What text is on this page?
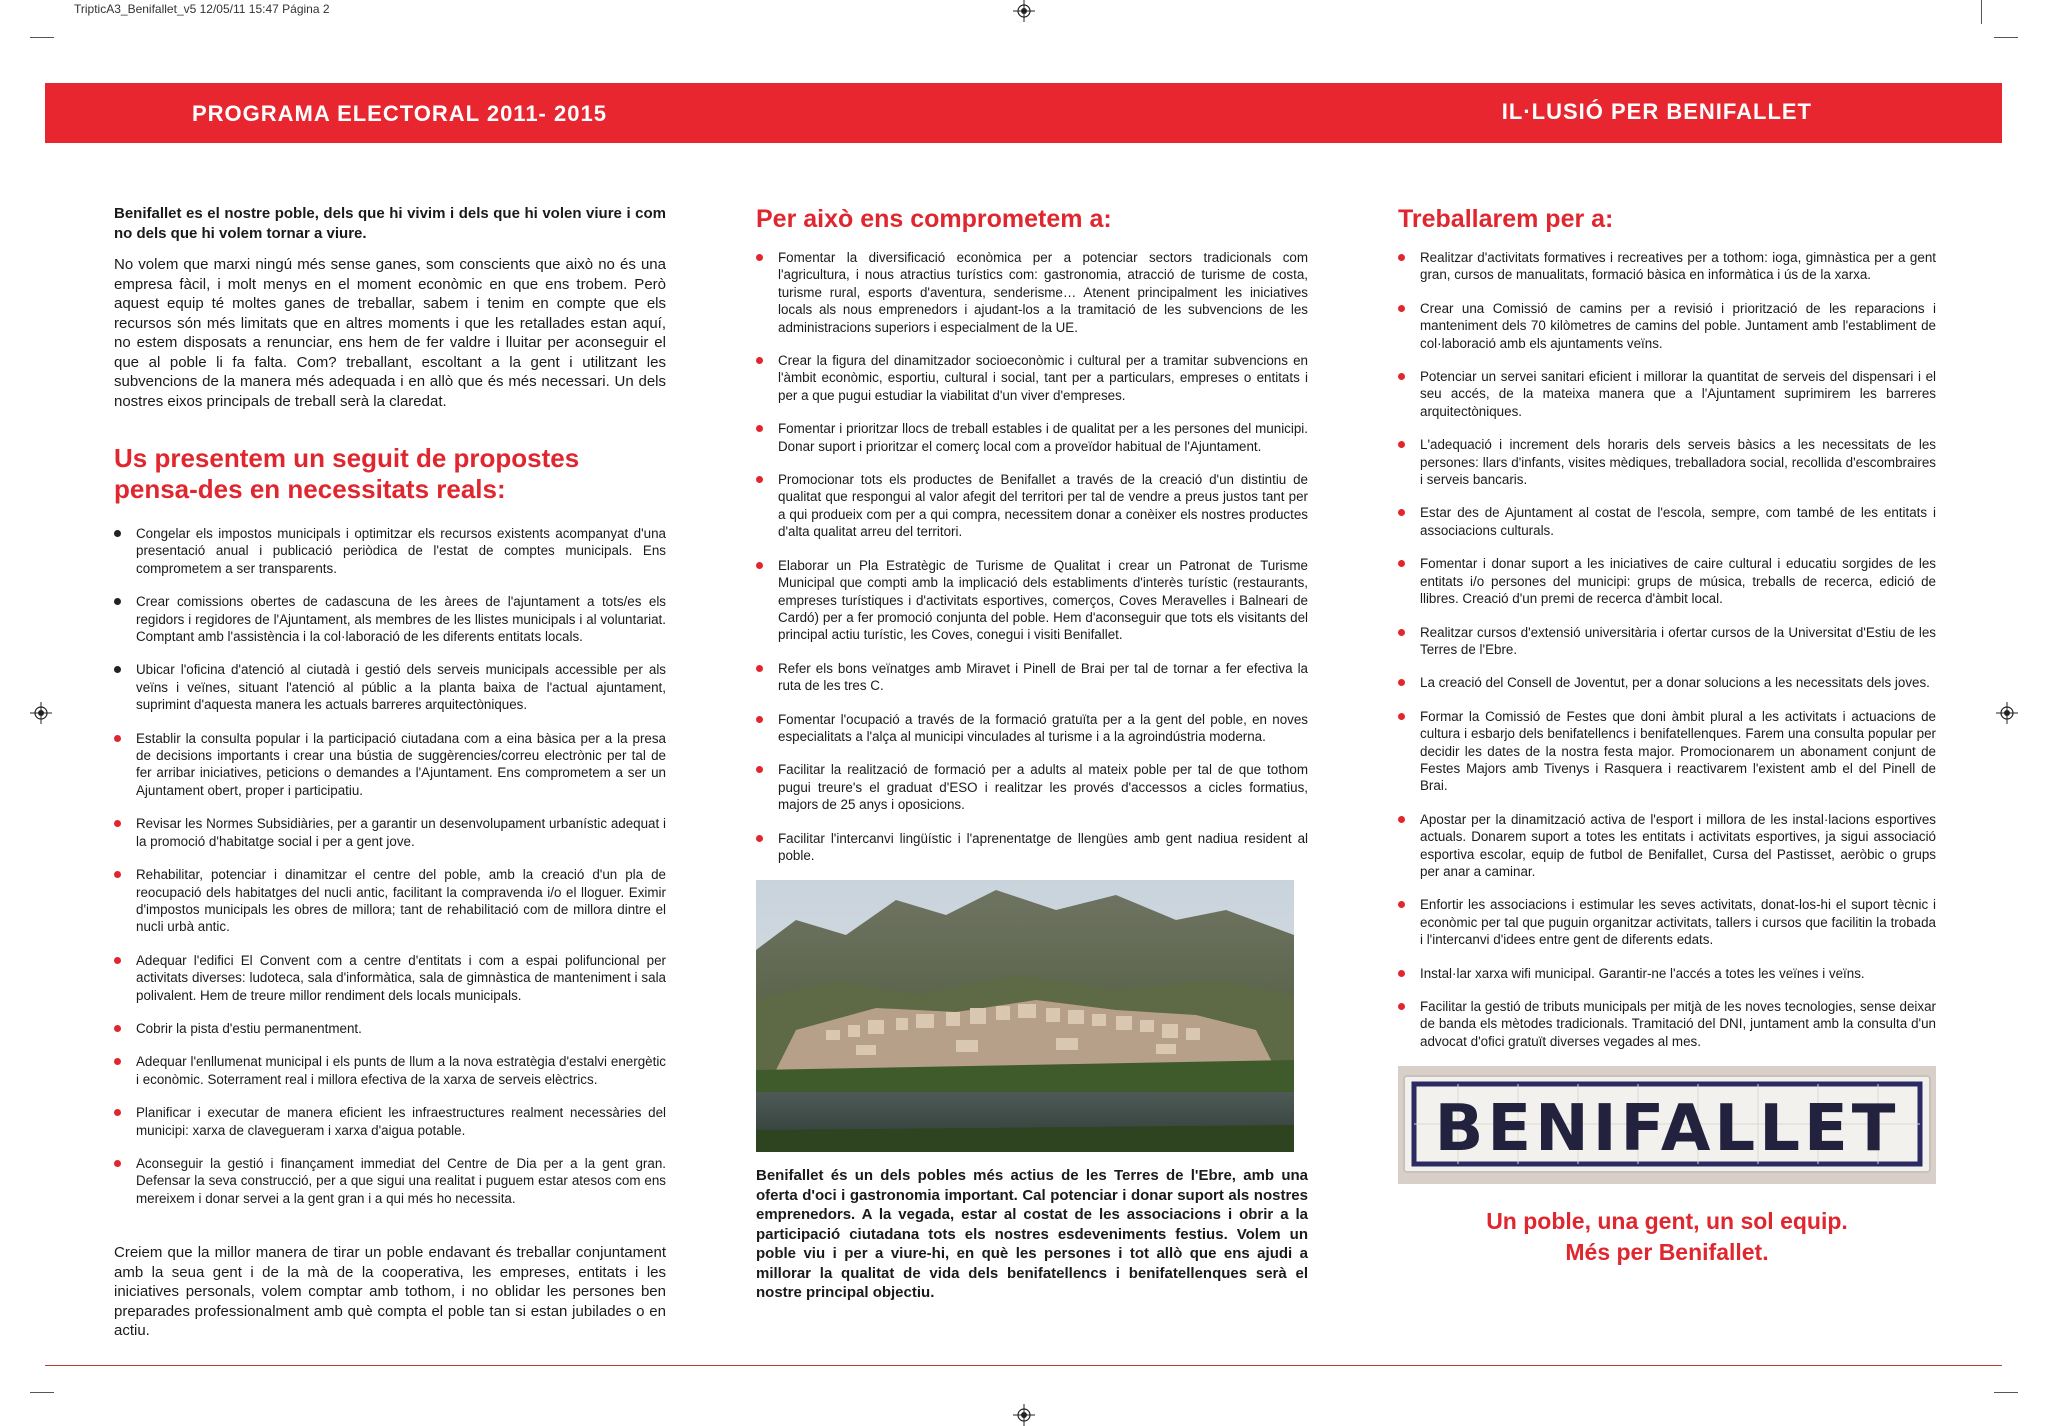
TripticA3_Benifallet_v5 12/05/11 15:47 Página 2
PROGRAMA ELECTORAL 2011- 2015	IL·LUSIÓ PER BENIFALLET

Benifallet es el nostre poble, dels que hi vivim i dels que hi volen viure i com no dels que hi volem tornar a viure.

No volem que marxi ningú més sense ganes, som conscients que això no és una empresa fàcil, i molt menys en el moment econòmic en que ens trobem. Però aquest equip té moltes ganes de treballar, sabem i tenim en compte que els recursos són més limitats que en altres moments i que les retallades estan aquí, no estem disposats a renunciar, ens hem de fer valdre i lluitar per aconseguir el que al poble li fa falta. Com? treballant, escoltant a la gent i utilitzant les subvencions de la manera més adequada i en allò que és més necessari. Un dels nostres eixos principals de treball serà la claredat.

Us presentem un seguit de propostes pensa-des en necessitats reals:
Congelar els impostos municipals i optimitzar els recursos existents acompanyat d'una presentació anual i publicació periòdica de l'estat de comptes municipals. Ens comprometem a ser transparents.
Crear comissions obertes de cadascuna de les àrees de l'ajuntament a tots/es els regidors i regidores de l'Ajuntament, als membres de les llistes municipals i al voluntariat. Comptant amb l'assistència i la col·laboració de les diferents entitats locals.
Ubicar l'oficina d'atenció al ciutadà i gestió dels serveis municipals accessible per als veïns i veïnes, situant l'atenció al públic a la planta baixa de l'actual ajuntament, suprimint d'aquesta manera les actuals barreres arquitectòniques.
Establir la consulta popular i la participació ciutadana com a eina bàsica per a la presa de decisions importants i crear una bústia de suggèrencies/correu electrònic per tal de fer arribar iniciatives, peticions o demandes a l'Ajuntament. Ens comprometem a ser un Ajuntament obert, proper i participatiu.
Revisar les Normes Subsidiàries, per a garantir un desenvolupament urbanístic adequat i la promoció d'habitatge social i per a gent jove.
Rehabilitar, potenciar i dinamitzar el centre del poble, amb la creació d'un pla de reocupació dels habitatges del nucli antic, facilitant la compravenda i/o el lloguer. Eximir d'impostos municipals les obres de millora; tant de rehabilitació com de millora dintre el nucli urbà antic.
Adequar l'edifici El Convent com a centre d'entitats i com a espai polifuncional per activitats diverses: ludoteca, sala d'informàtica, sala de gimnàstica de manteniment i sala polivalent. Hem de treure millor rendiment dels locals municipals.
Cobrir la pista d'estiu permanentment.
Adequar l'enllumenat municipal i els punts de llum a la nova estratègia d'estalvi energètic i econòmic. Soterrament real i millora efectiva de la xarxa de serveis elèctrics.
Planificar i executar de manera eficient les infraestructures realment necessàries del municipi: xarxa de clavegueram i xarxa d'aigua potable.
Aconseguir la gestió i finançament immediat del Centre de Dia per a la gent gran. Defensar la seva construcció, per a que sigui una realitat i puguem estar atesos com ens mereixem i donar servei a la gent gran i a qui més ho necessita.

Creiem que la millor manera de tirar un poble endavant és treballar conjuntament amb la seua gent i de la mà de la cooperativa, les empreses, entitats i les iniciatives personals, volem comptar amb tothom, i no oblidar les persones ben preparades professionalment amb què compta el poble tan si estan jubilades o en actiu.

Per això ens comprometem a:
Fomentar la diversificació econòmica per a potenciar sectors tradicionals com l'agricultura, i nous atractius turístics com: gastronomia, atracció de turisme de costa, turisme rural, esports d'aventura, senderisme… Atenent principalment les iniciatives locals als nous emprenedors i ajudant-los a la tramitació de les subvencions de les administracions superiors i especialment de la UE.
Crear la figura del dinamitzador socioeconòmic i cultural per a tramitar subvencions en l'àmbit econòmic, esportiu, cultural i social, tant per a particulars, empreses o entitats i per a que pugui estudiar la viabilitat d'un viver d'empreses.
Fomentar i prioritzar llocs de treball estables i de qualitat per a les persones del municipi. Donar suport i prioritzar el comerç local com a proveïdor habitual de l'Ajuntament.
Promocionar tots els productes de Benifallet a través de la creació d'un distintiu de qualitat que respongui al valor afegit del territori per tal de vendre a preus justos tant per a qui produeix com per a qui compra, necessitem donar a conèixer els nostres productes d'alta qualitat arreu del territori.
Elaborar un Pla Estratègic de Turisme de Qualitat i crear un Patronat de Turisme Municipal que compti amb la implicació dels establiments d'interès turístic (restaurants, empreses turístiques i d'activitats esportives, comerços, Coves Meravelles i Balneari de Cardó) per a fer promoció conjunta del poble. Hem d'aconseguir que tots els visitants del principal actiu turístic, les Coves, conegui i visiti Benifallet.
Refer els bons veïnatges amb Miravet i Pinell de Brai per tal de tornar a fer efectiva la ruta de les tres C.
Fomentar l'ocupació a través de la formació gratuïta per a la gent del poble, en noves especialitats a l'alça al municipi vinculades al turisme i a la agroindústria moderna.
Facilitar la realització de formació per a adults al mateix poble per tal de que tothom pugui treure's el graduat d'ESO i realitzar les provés d'accessos a cicles formatius, majors de 25 anys i oposicions.
Facilitar l'intercanvi lingüístic i l'aprenentatge de llengües amb gent nadiua resident al poble.

Benifallet és un dels pobles més actius de les Terres de l'Ebre, amb una oferta d'oci i gastronomia important. Cal potenciar i donar suport als nostres emprenedors. A la vegada, estar al costat de les associacions i obrir a la participació ciutadana tots els nostres esdeveniments festius. Volem un poble viu i per a viure-hi, en què les persones i tot allò que ens ajudi a millorar la qualitat de vida dels benifatellencs i benifatellenques serà el nostre principal objectiu.

Treballarem per a:
Realitzar d'activitats formatives i recreatives per a tothom: ioga, gimnàstica per a gent gran, cursos de manualitats, formació bàsica en informàtica i ús de la xarxa.
Crear una Comissió de camins per a revisió i priorització de les reparacions i manteniment dels 70 kilòmetres de camins del poble. Juntament amb l'establiment de col·laboració amb els ajuntaments veïns.
Potenciar un servei sanitari eficient i millorar la quantitat de serveis del dispensari i el seu accés, de la mateixa manera que a l'Ajuntament suprimirem les barreres arquitectòniques.
L'adequació i increment dels horaris dels serveis bàsics a les necessitats de les persones: llars d'infants, visites mèdiques, treballadora social, recollida d'escombraires i serveis bancaris.
Estar des de Ajuntament al costat de l'escola, sempre, com també de les entitats i associacions culturals.
Fomentar i donar suport a les iniciatives de caire cultural i educatiu sorgides de les entitats i/o persones del municipi: grups de música, treballs de recerca, edició de llibres. Creació d'un premi de recerca d'àmbit local.
Realitzar cursos d'extensió universitària i ofertar cursos de la Universitat d'Estiu de les Terres de l'Ebre.
La creació del Consell de Joventut, per a donar solucions a les necessitats dels joves.
Formar la Comissió de Festes que doni àmbit plural a les activitats i actuacions de cultura i esbarjo dels benifatellencs i benifatellenques. Farem una consulta popular per decidir les dates de la nostra festa major. Promocionarem un abonament conjunt de Festes Majors amb Tivenys i Rasquera i reactivarem l'existent amb el del Pinell de Brai.
Apostar per la dinamització activa de l'esport i millora de les instal·lacions esportives actuals. Donarem suport a totes les entitats i activitats esportives, ja sigui associació esportiva escolar, equip de futbol de Benifallet, Cursa del Pastisset, aeròbic o grups per anar a caminar.
Enfortir les associacions i estimular les seves activitats, donat-los-hi el suport tècnic i econòmic per tal que puguin organitzar activitats, tallers i cursos que facilitin la trobada i l'intercanvi d'idees entre gent de diferents edats.
Instal·lar xarxa wifi municipal. Garantir-ne l'accés a totes les veïnes i veïns.
Facilitar la gestió de tributs municipals per mitjà de les noves tecnologies, sense deixar de banda els mètodes tradicionals. Tramitació del DNI, juntament amb la consulta d'un advocat d'ofici gratuït diverses vegades al mes.
BENIFALLET
Un poble, una gent, un sol equip.
Més per Benifallet.
